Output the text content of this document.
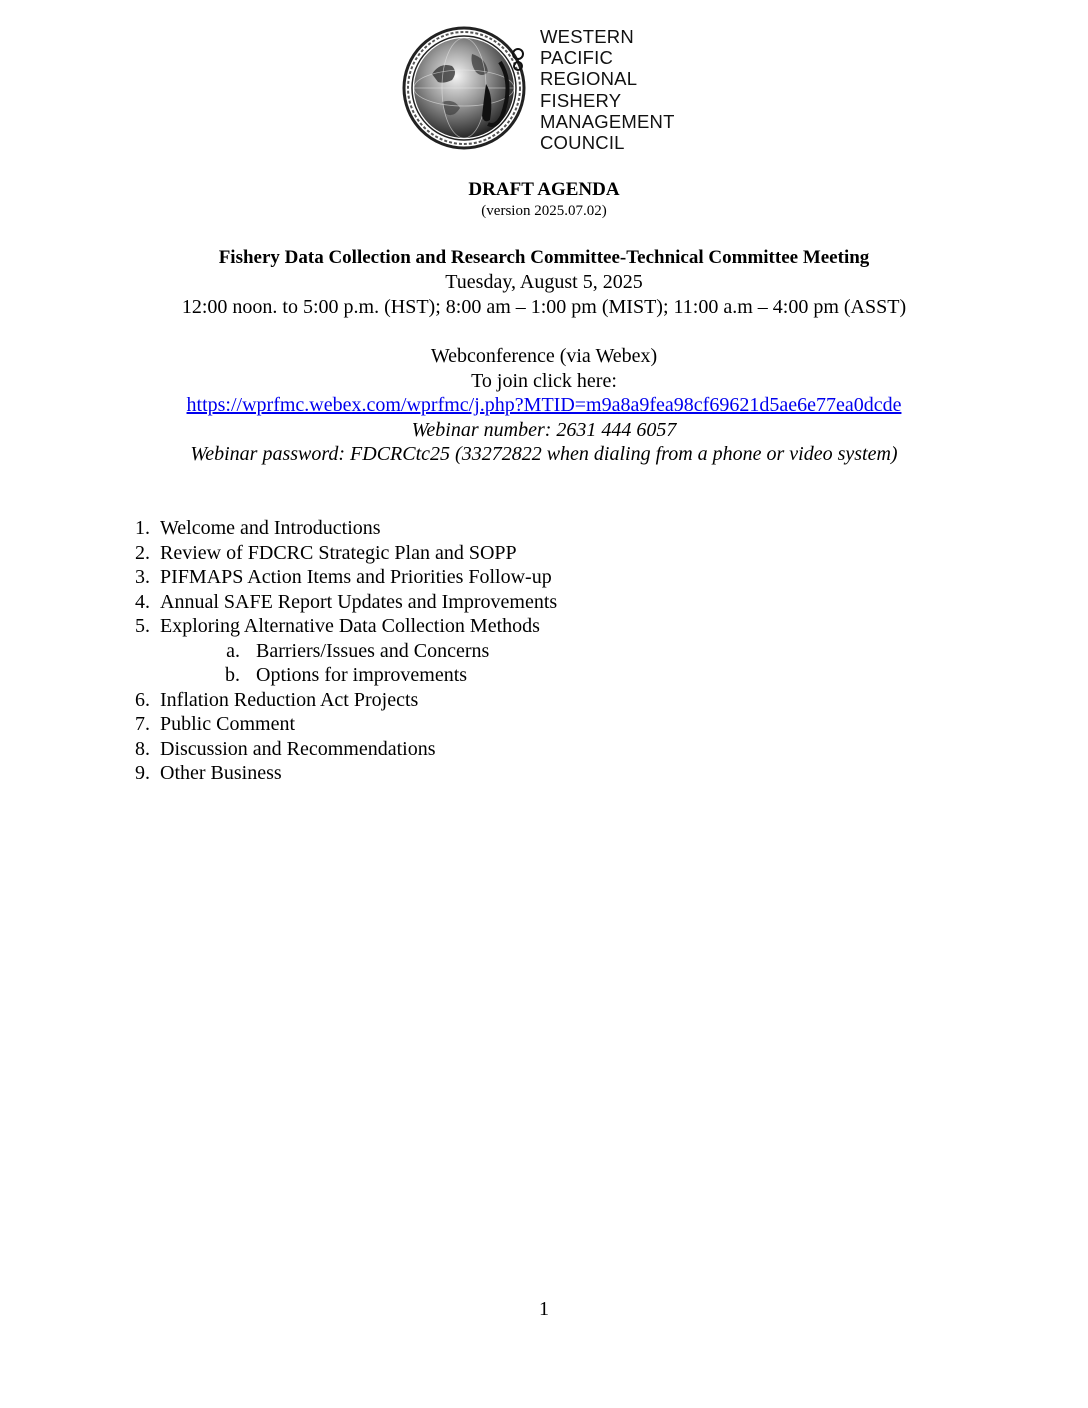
WESTERN
PACIFIC
REGIONAL
FISHERY
MANAGEMENT
COUNCIL
DRAFT AGENDA
(version 2025.07.02)
Fishery Data Collection and Research Committee-Technical Committee Meeting
Tuesday, August 5, 2025
12:00 noon. to 5:00 p.m. (HST); 8:00 am – 1:00 pm (MIST); 11:00 a.m – 4:00 pm (ASST)
Webconference (via Webex)
To join click here:
https://wprfmc.webex.com/wprfmc/j.php?MTID=m9a8a9fea98cf69621d5ae6e77ea0dcde
Webinar number: 2631 444 6057
Webinar password: FDCRCtc25 (33272822 when dialing from a phone or video system)
1. Welcome and Introductions
2. Review of FDCRC Strategic Plan and SOPP
3. PIFMAPS Action Items and Priorities Follow-up
4. Annual SAFE Report Updates and Improvements
5. Exploring Alternative Data Collection Methods
a. Barriers/Issues and Concerns
b. Options for improvements
6. Inflation Reduction Act Projects
7. Public Comment
8. Discussion and Recommendations
9. Other Business
1
